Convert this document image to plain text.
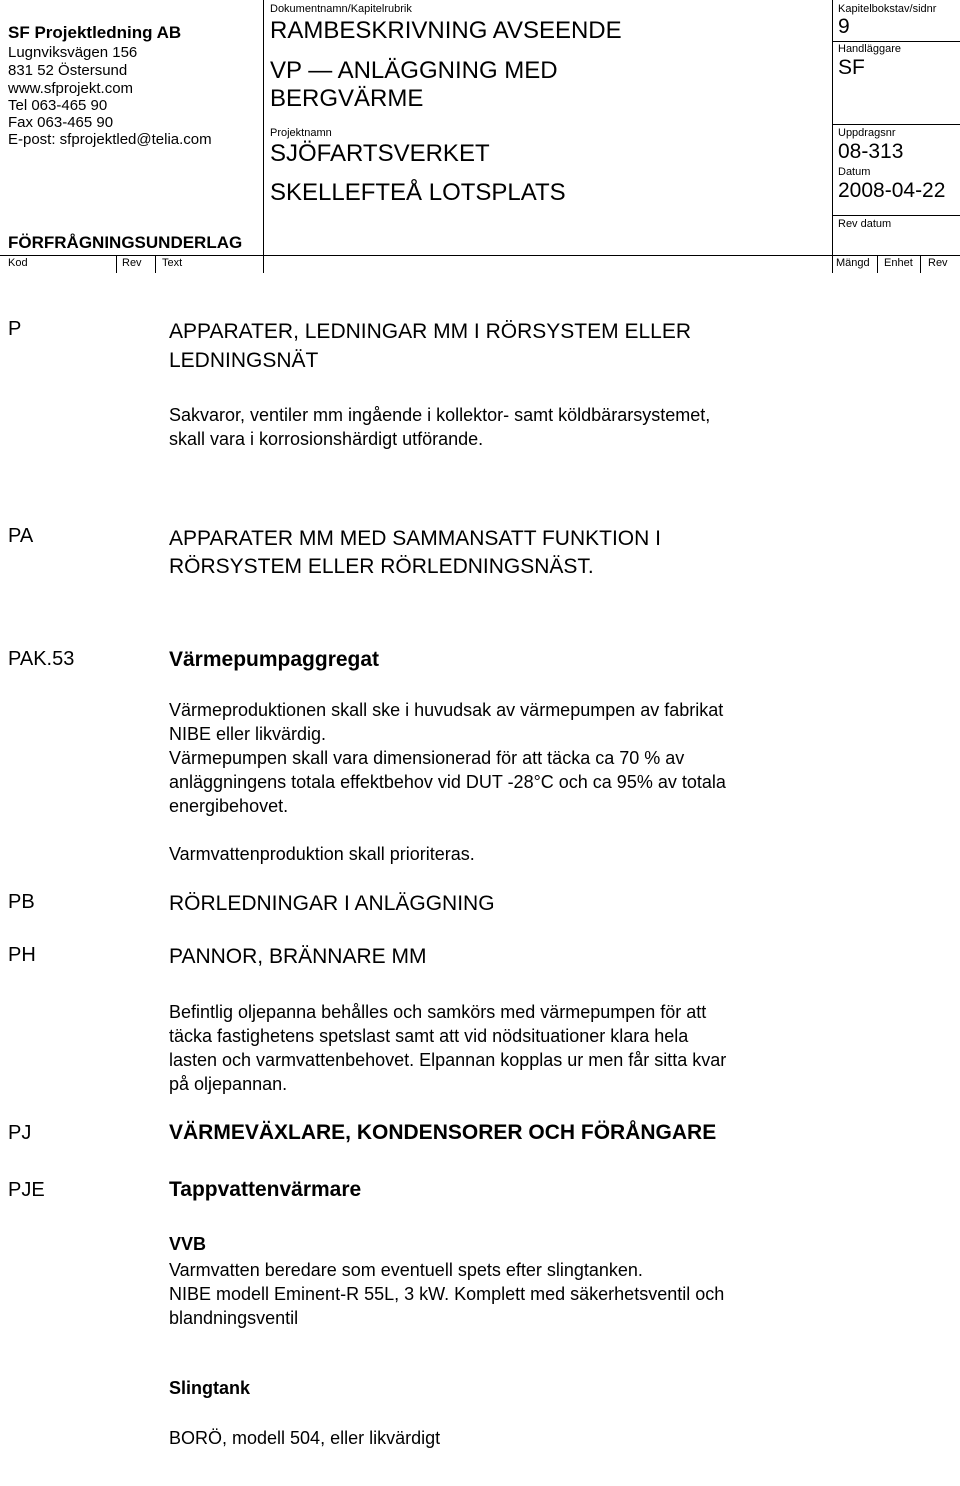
SF Projektledning AB
Lugnviksvägen 156
831 52 Östersund
www.sfprojekt.com
Tel 063-465 90
Fax 063-465 90
E-post: sfprojektled@telia.com
FÖRFRÅGNINGSUNDERLAG
Dokumentnamn/Kapitelrubrik
RAMBESKRIVNING AVSEENDE
VP — ANLÄGGNING MED
BERGVÄRME
Projektnamn
SJÖFARTSVERKET
SKELLEFTEÅ LOTSPLATS
Kapitelbokstav/sidnr
9
Handläggare
SF
Uppdragsnr
08-313
Datum
2008-04-22
Rev datum
Kod	Rev Text	Mängd Enhet Rev
P	APPARATER, LEDNINGAR MM I RÖRSYSTEM ELLER
LEDNINGSNÄT
Sakvaror, ventiler mm ingående i kollektor- samt köldbärarsystemet,
skall vara i korrosionshärdigt utförande.
PA	APPARATER MM MED SAMMANSATT FUNKTION I
RÖRSYSTEM ELLER RÖRLEDNINGSNÄST.
PAK.53	Värmepumpaggregat
Värmeproduktionen skall ske i huvudsak av värmepumpen av fabrikat
NIBE eller likvärdig.
Värmepumpen skall vara dimensionerad för att täcka ca 70 % av
anläggningens totala effektbehov vid DUT -28°C och ca 95% av totala
energibehovet.
Varmvattenproduktion skall prioriteras.
PB	RÖRLEDNINGAR I ANLÄGGNING
PH	PANNOR, BRÄNNARE MM
Befintlig oljepanna behålles och samkörs med värmepumpen för att
täcka fastighetens spetslast samt att vid nödsituationer klara hela
lasten och varmvattenbehovet. Elpannan kopplas ur men får sitta kvar
på oljepannan.
PJ	VÄRMEVÄXLARE, KONDENSORER OCH FÖRÅNGARE
PJE	Tappvattenvärmare
VVB
Varmvatten beredare som eventuell spets efter slingtanken.
NIBE modell Eminent-R 55L, 3 kW. Komplett med säkerhetsventil och
blandningsventil
Slingtank
BORÖ, modell 504, eller likvärdigt
